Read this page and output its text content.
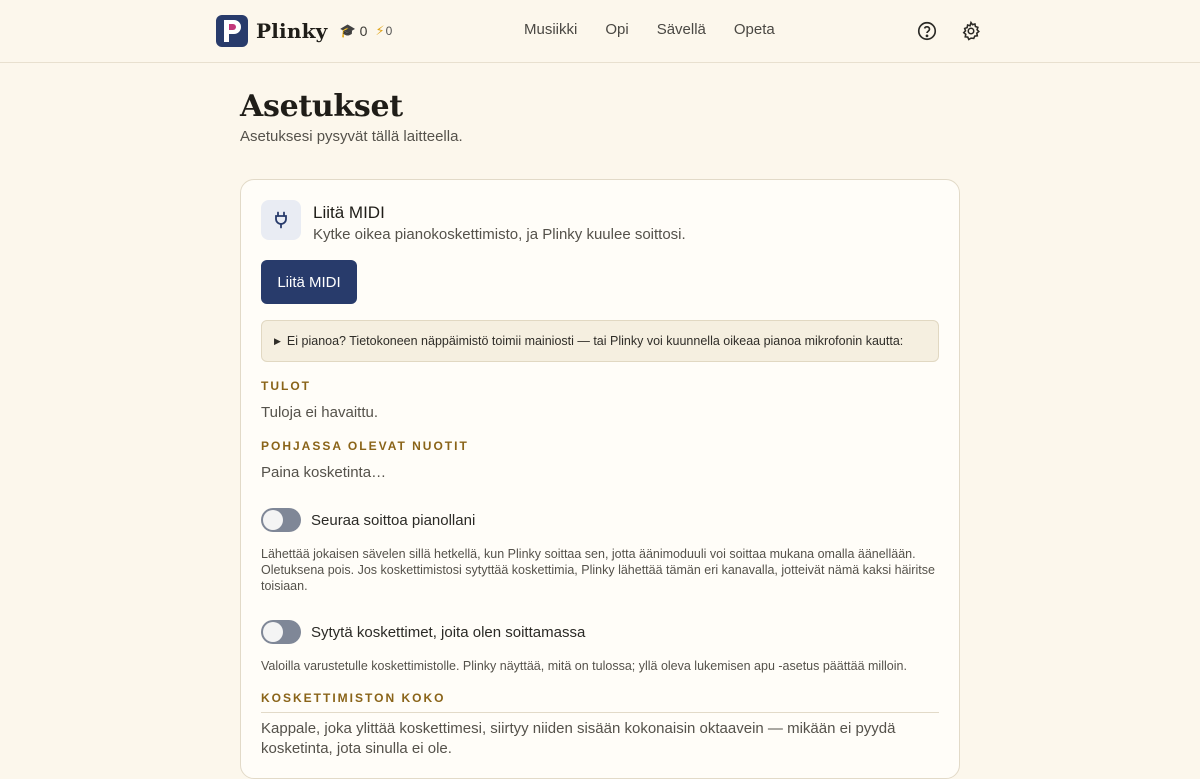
Plinky 🎓 0 ⚡ 0	Musiikki Opi Sävellä Opeta
Asetukset

Asetuksesi pysyvät tällä laitteella.

Liitä MIDI
Kytke oikea pianokoskettimisto, ja Plinky kuulee soittosi.
Liitä MIDI
▶ Ei pianoa? Tietokoneen näppäimistö toimii mainiosti — tai Plinky voi kuunnella oikeaa pianoa mikrofonin kautta:
TULOT
Tuloja ei havaittu.
POHJASSA OLEVAT NUOTIT
Paina kosketinta…
Seuraa soittoa pianollani
Lähettää jokaisen sävelen sillä hetkellä, kun Plinky soittaa sen, jotta äänimoduuli voi soittaa mukana omalla äänellään. Oletuksena pois. Jos koskettimistosi sytyttää koskettimia, Plinky lähettää tämän eri kanavalla, jotteivät nämä kaksi häiritse toisiaan.
Sytytä koskettimet, joita olen soittamassa
Valoilla varustetulle koskettimistolle. Plinky näyttää, mitä on tulossa; yllä oleva lukemisen apu -asetus päättää milloin.
KOSKETTIMISTON KOKO
Kappale, joka ylittää koskettimesi, siirtyy niiden sisään kokonaisin oktaavein — mikään ei pyydä kosketinta, jota sinulla ei ole.
